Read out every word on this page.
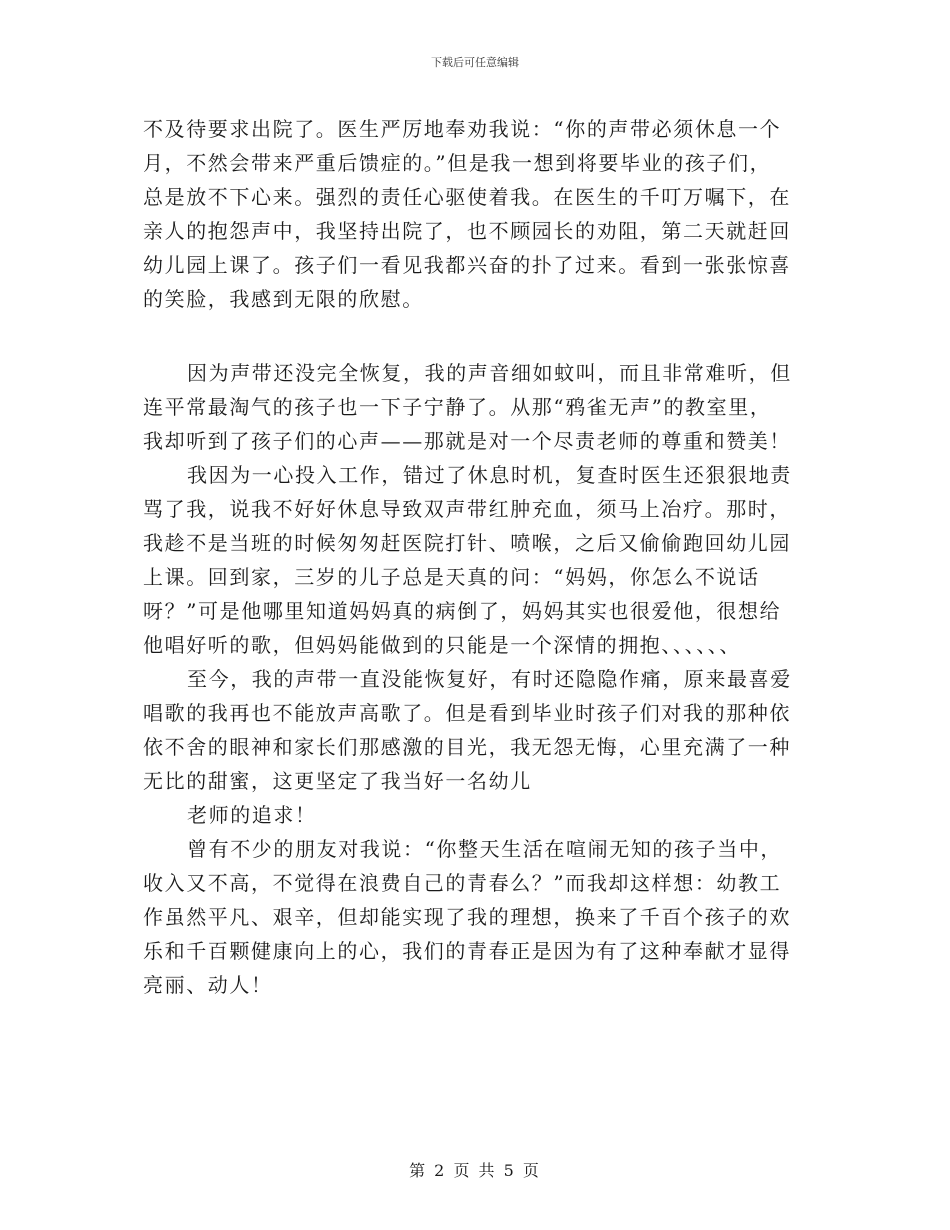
下载后可任意编辑
不及待要求出院了。医生严厉地奉劝我说：“你的声带必须休息一个
月，不然会带来严重后馈症的。”但是我一想到将要毕业的孩子们，
总是放不下心来。强烈的责任心驱使着我。在医生的千叮万嘱下，在
亲人的抱怨声中，我坚持出院了，也不顾园长的劝阻，第二天就赶回
幼儿园上课了。孩子们一看见我都兴奋的扑了过来。看到一张张惊喜
的笑脸，我感到无限的欣慰。
因为声带还没完全恢复，我的声音细如蚊叫，而且非常难听，但
连平常最淘气的孩子也一下子宁静了。从那“鸦雀无声”的教室里，
我却听到了孩子们的心声——那就是对一个尽责老师的尊重和赞美！
我因为一心投入工作，错过了休息时机，复查时医生还狠狠地责
骂了我，说我不好好休息导致双声带红肿充血，须马上冶疗。那时，
我趁不是当班的时候匆匆赶医院打针、喷喉，之后又偷偷跑回幼儿园
上课。回到家，三岁的儿子总是天真的问：“妈妈，你怎么不说话
呀？”可是他哪里知道妈妈真的病倒了，妈妈其实也很爱他，很想给
他唱好听的歌，但妈妈能做到的只能是一个深情的拥抱、、、、、、
至今，我的声带一直没能恢复好，有时还隐隐作痛，原来最喜爱
唱歌的我再也不能放声高歌了。但是看到毕业时孩子们对我的那种依
依不舍的眼神和家长们那感激的目光，我无怨无悔，心里充满了一种
无比的甜蜜，这更坚定了我当好一名幼儿
老师的追求！
曾有不少的朋友对我说：“你整天生活在喧闹无知的孩子当中，
收入又不高，不觉得在浪费自己的青春么？”而我却这样想：幼教工
作虽然平凡、艰辛，但却能实现了我的理想，换来了千百个孩子的欢
乐和千百颗健康向上的心，我们的青春正是因为有了这种奉献才显得
亮丽、动人！
第 2 页 共 5 页
